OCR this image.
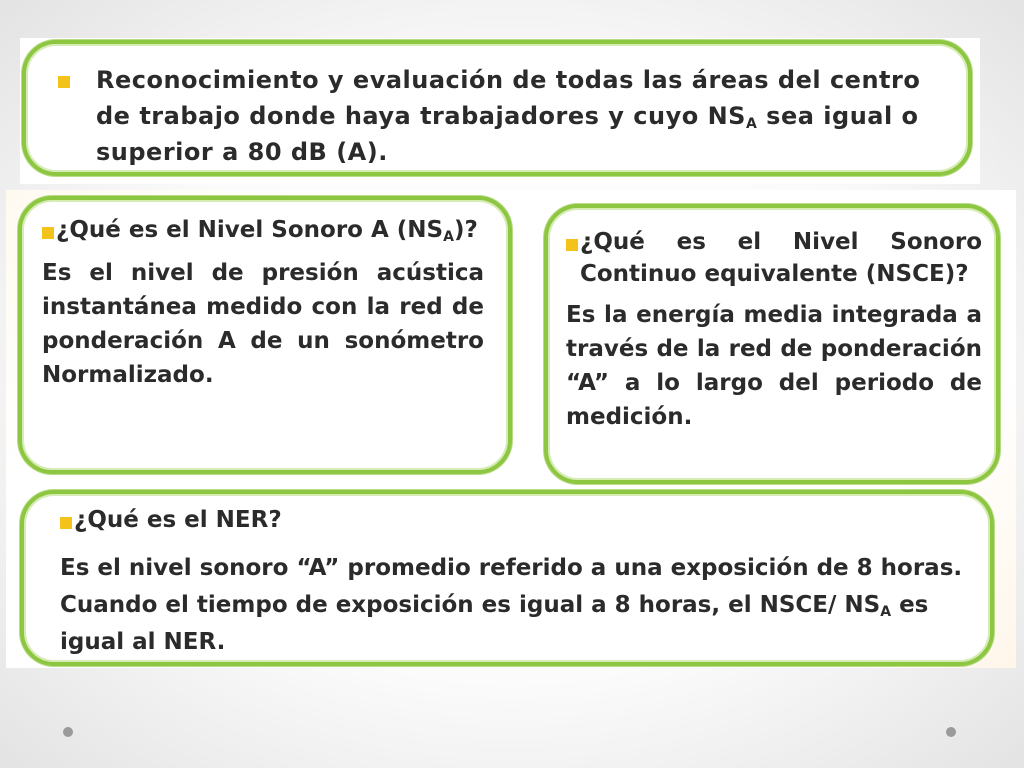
Reconocimiento y evaluación de todas las áreas del centro de trabajo donde haya trabajadores y cuyo $NS_A$ sea igual o superior a 80 dB (A).
¿Qué es el Nivel Sonoro A $(NS_A)$?
Es el nivel de presión acústica instantánea medido con la red de ponderación A de un sonómetro Normalizado.
¿Qué es el Nivel Sonoro Continuo equivalente (NSCE)?
Es la energía media integrada a través de la red de ponderación “A” a lo largo del periodo de medición.
¿Qué es el NER?
Es el nivel sonoro “A” promedio referido a una exposición de 8 horas. Cuando el tiempo de exposición es igual a 8 horas, el NSCE/ $NS_A$ es igual al NER.
